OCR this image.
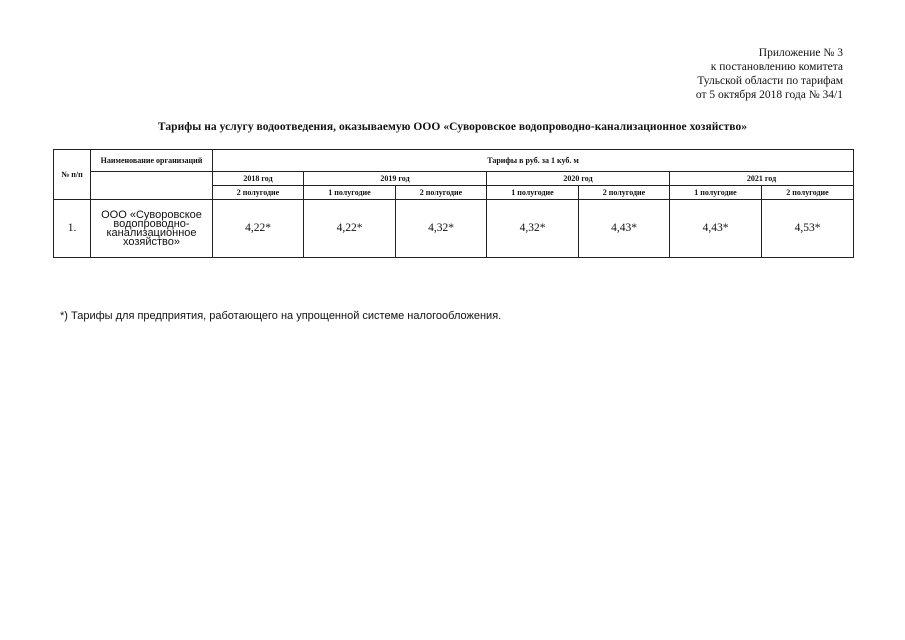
Приложение № 3
к постановлению комитета
Тульской области по тарифам
от 5 октября 2018 года № 34/1
Тарифы на услугу водоотведения, оказываемую ООО «Суворовское водопроводно-канализационное хозяйство»
№ п/п	Наименование организаций	Тарифы в руб. за 1 куб. м						
		2018 год	2019 год		2020 год		2021 год	
		2 полугодие	1 полугодие	2 полугодие	1 полугодие	2 полугодие	1 полугодие	2 полугодие
1.	ООО «Суворовское водопроводно-канализационное хозяйство»	4,22*	4,22*	4,32*	4,32*	4,43*	4,43*	4,53*
*) Тарифы для предприятия, работающего на упрощенной системе налогообложения.
